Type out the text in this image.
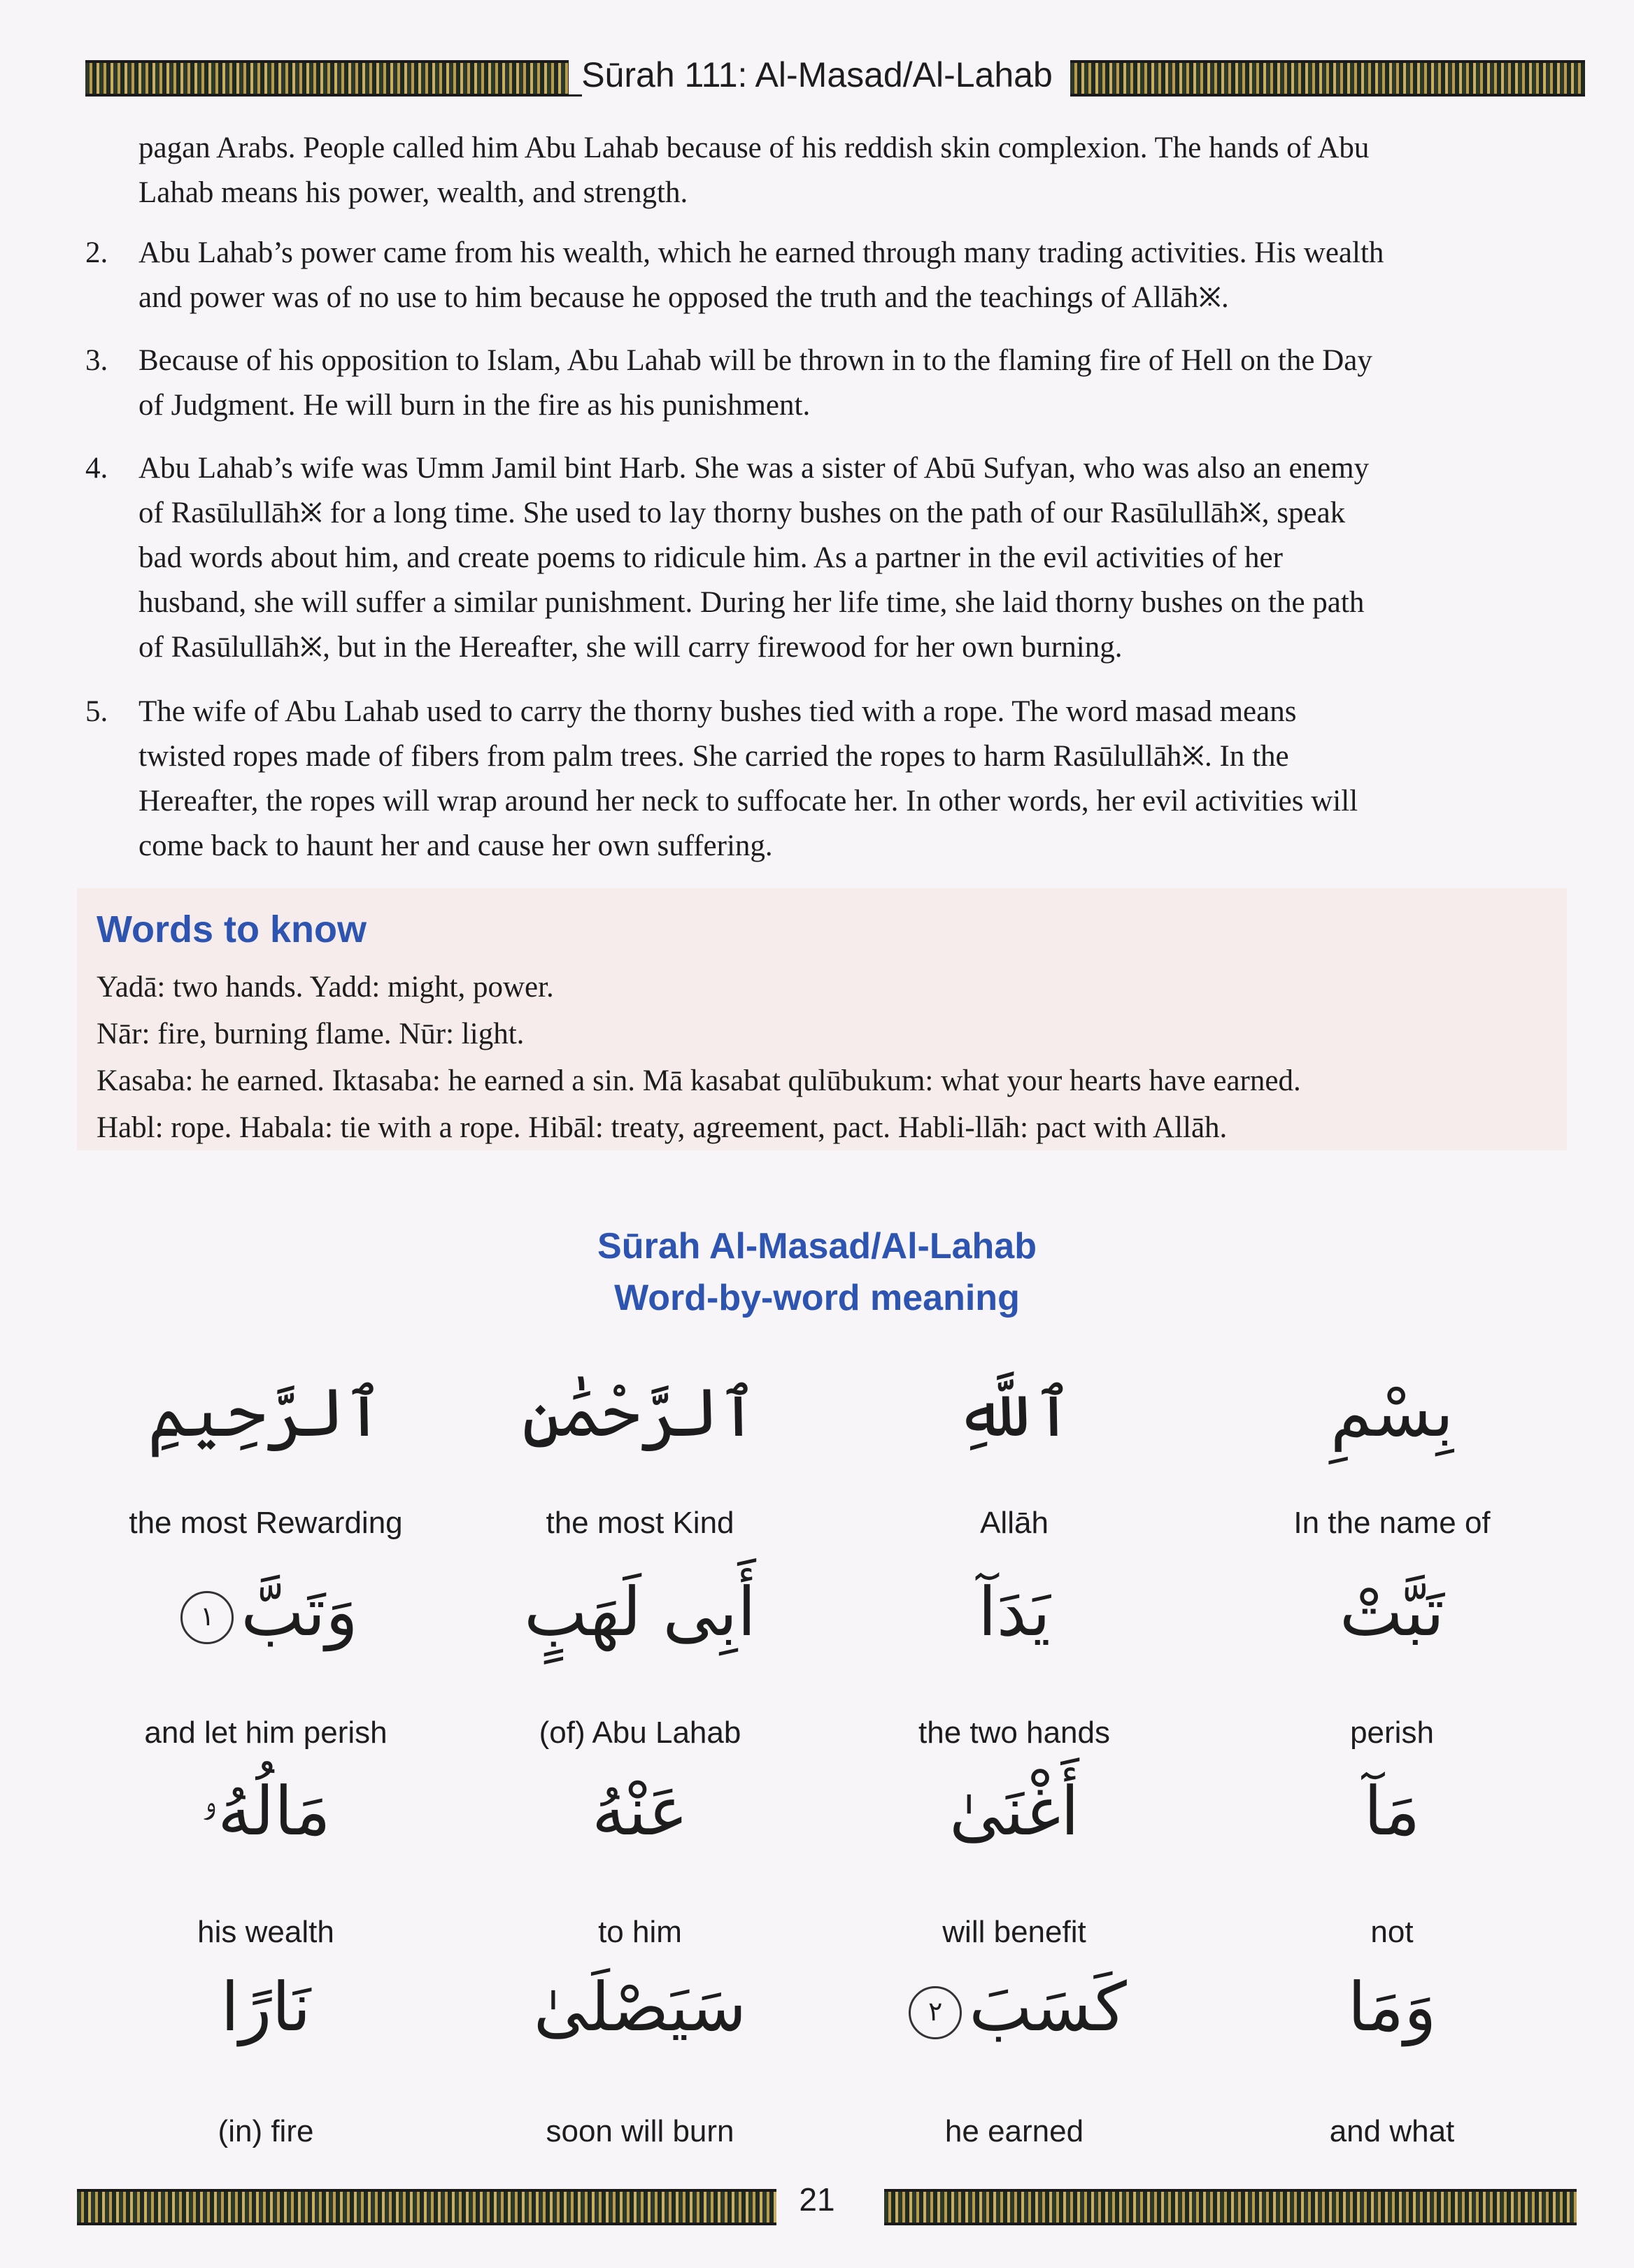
Sūrah 111: Al-Masad/Al-Lahab
pagan Arabs. People called him Abu Lahab because of his reddish skin complexion. The hands of Abu
Lahab means his power, wealth, and strength.
2. Abu Lahab’s power came from his wealth, which he earned through many trading activities. His wealth
and power was of no use to him because he opposed the truth and the teachings of Allāh྿.
3. Because of his opposition to Islam, Abu Lahab will be thrown in to the flaming fire of Hell on the Day
of Judgment. He will burn in the fire as his punishment.
4. Abu Lahab’s wife was Umm Jamil bint Harb. She was a sister of Abū Sufyan, who was also an enemy
of Rasūlullāh྿ for a long time. She used to lay thorny bushes on the path of our Rasūlullāh྿, speak
bad words about him, and create poems to ridicule him. As a partner in the evil activities of her
husband, she will suffer a similar punishment. During her life time, she laid thorny bushes on the path
of Rasūlullāh྿, but in the Hereafter, she will carry firewood for her own burning.
5. The wife of Abu Lahab used to carry the thorny bushes tied with a rope. The word masad means
twisted ropes made of fibers from palm trees. She carried the ropes to harm Rasūlullāh྿. In the
Hereafter, the ropes will wrap around her neck to suffocate her. In other words, her evil activities will
come back to haunt her and cause her own suffering.
Words to know
Yadā: two hands. Yadd: might, power.
Nār: fire, burning flame. Nūr: light.
Kasaba: he earned. Iktasaba: he earned a sin. Mā kasabat qulūbukum: what your hearts have earned.
Habl: rope. Habala: tie with a rope. Hibāl: treaty, agreement, pact. Habli-llāh: pact with Allāh.
Sūrah Al-Masad/Al-Lahab
Word-by-word meaning
ٱلرَّحِيمِ
the most Rewarding
ٱلرَّحْمَٰنِ
the most Kind
ٱللَّهِ
Allāh
بِسْمِ
In the name of
وَتَبَّ١
and let him perish
أَبِى لَهَبٍ
(of) Abu Lahab
يَدَآ
the two hands
تَبَّتْ
perish
مَالُهُۥ
his wealth
عَنْهُ
to him
أَغْنَىٰ
will benefit
مَآ
not
نَارًا
(in) fire
سَيَصْلَىٰ
soon will burn
كَسَبَ٢
he earned
وَمَا
and what
21
